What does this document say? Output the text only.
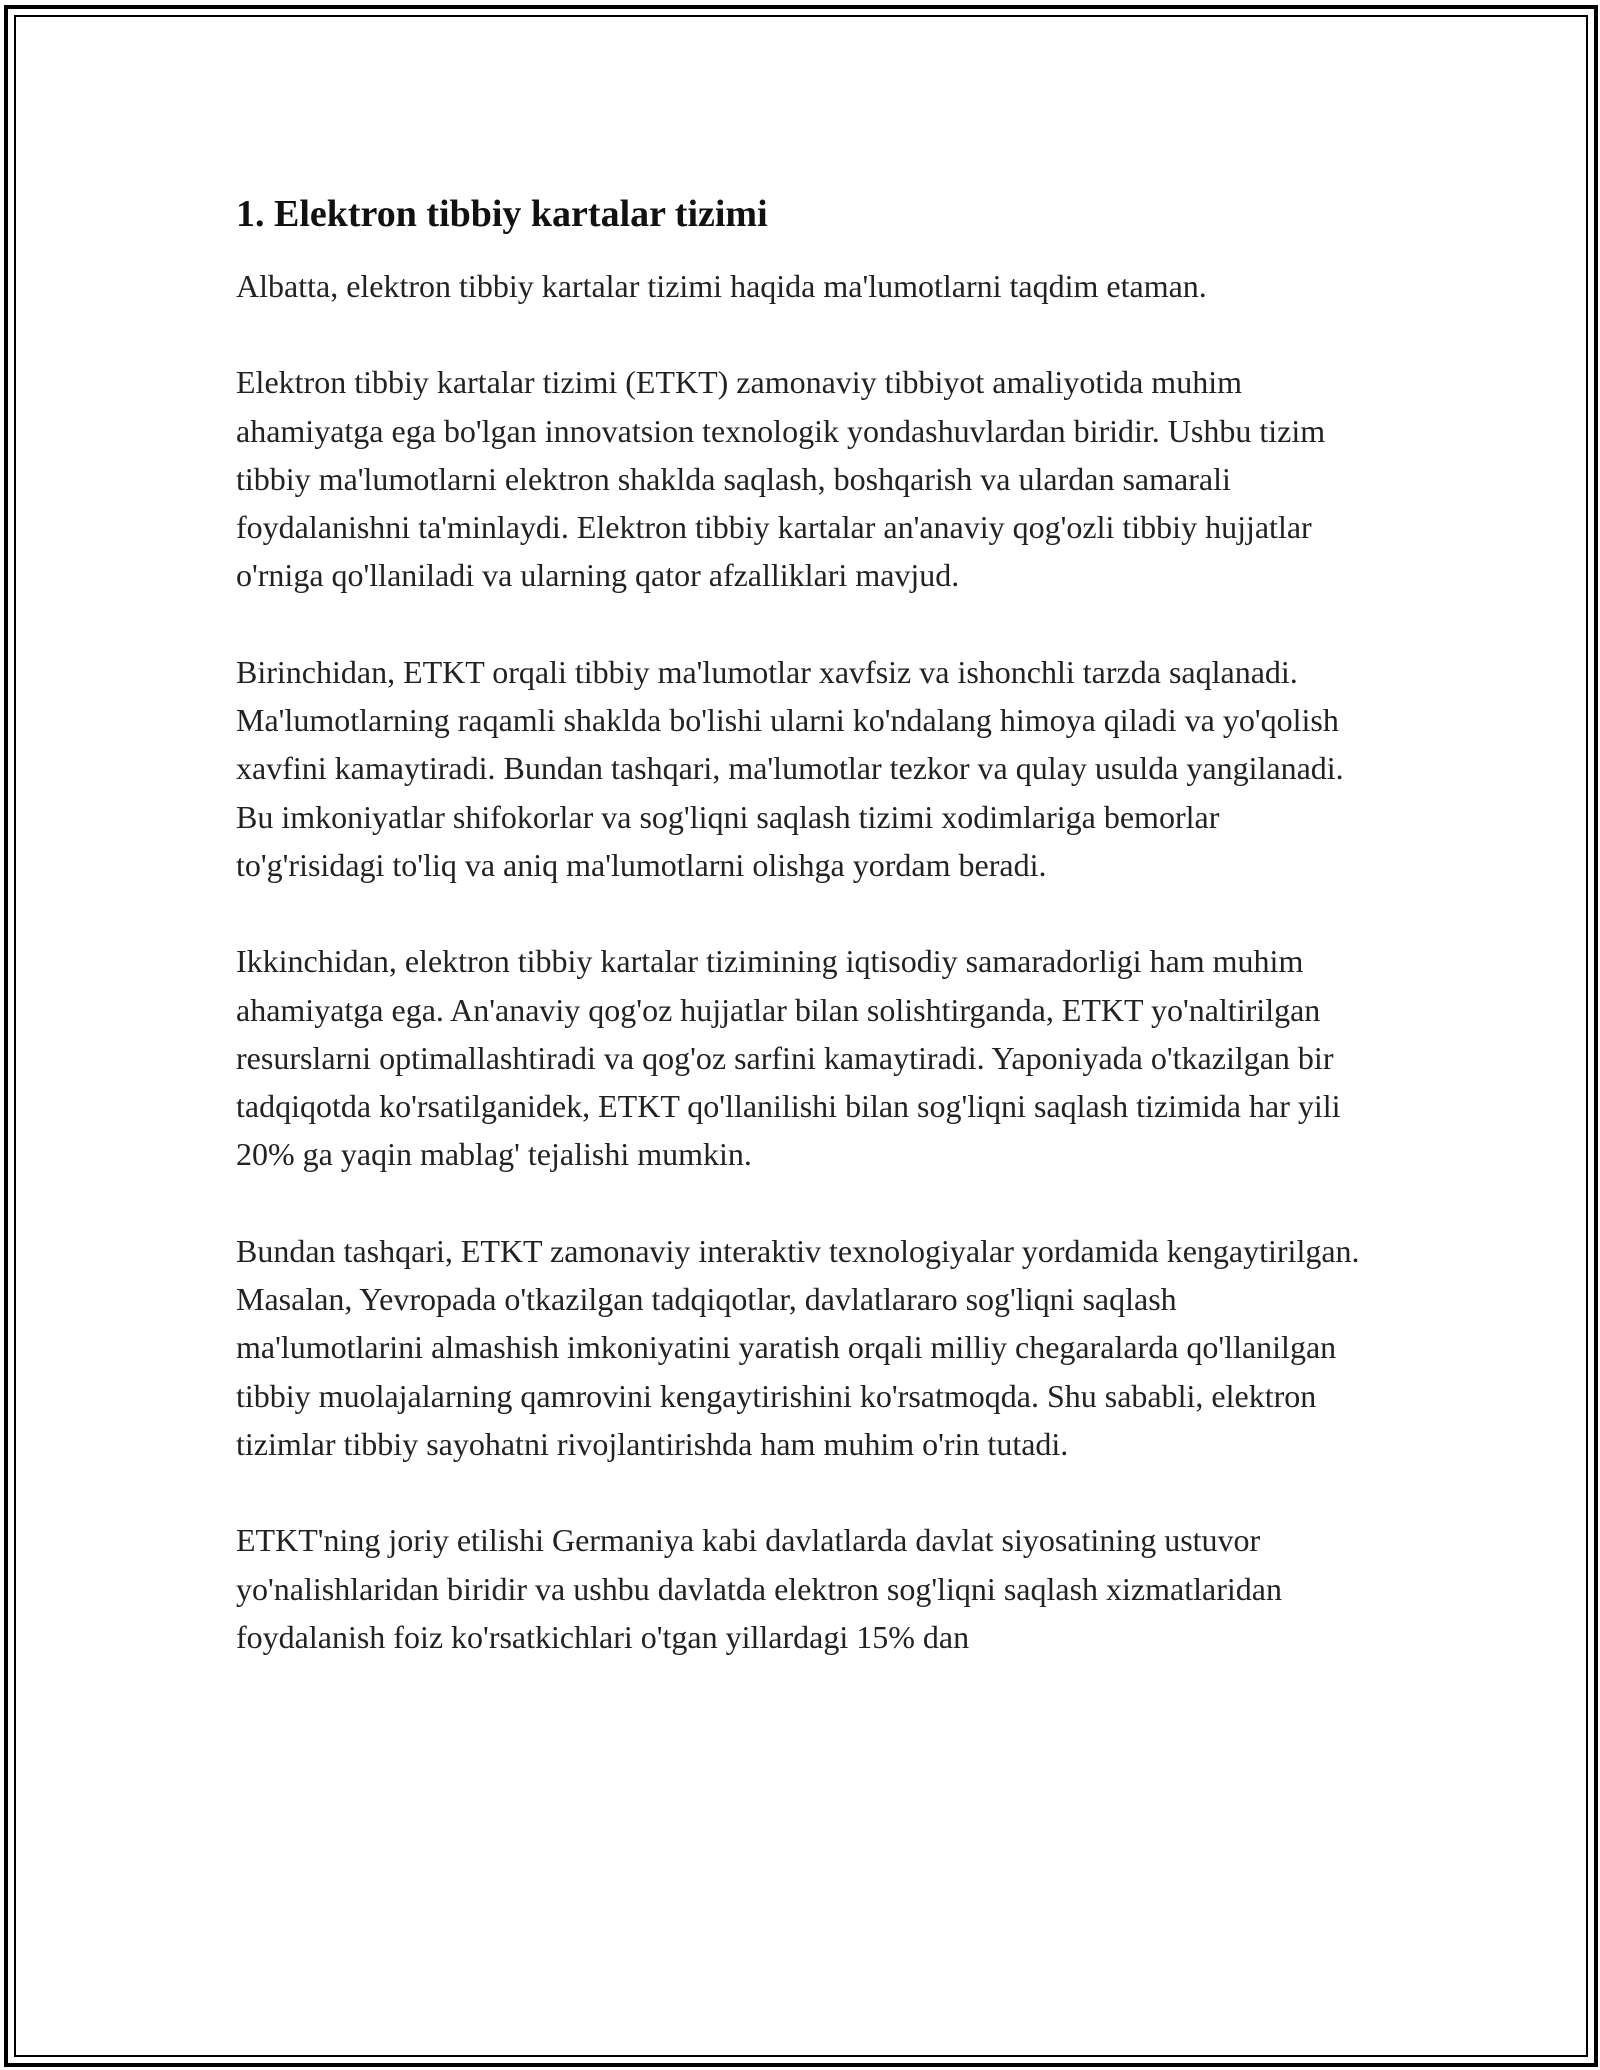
1. Elektron tibbiy kartalar tizimi

Albatta, elektron tibbiy kartalar tizimi haqida ma'lumotlarni taqdim etaman.

Elektron tibbiy kartalar tizimi (ETKT) zamonaviy tibbiyot amaliyotida muhim ahamiyatga ega bo'lgan innovatsion texnologik yondashuvlardan biridir. Ushbu tizim tibbiy ma'lumotlarni elektron shaklda saqlash, boshqarish va ulardan samarali foydalanishni ta'minlaydi. Elektron tibbiy kartalar an'anaviy qog'ozli tibbiy hujjatlar o'rniga qo'llaniladi va ularning qator afzalliklari mavjud.

Birinchidan, ETKT orqali tibbiy ma'lumotlar xavfsiz va ishonchli tarzda saqlanadi. Ma'lumotlarning raqamli shaklda bo'lishi ularni ko'ndalang himoya qiladi va yo'qolish xavfini kamaytiradi. Bundan tashqari, ma'lumotlar tezkor va qulay usulda yangilanadi. Bu imkoniyatlar shifokorlar va sog'liqni saqlash tizimi xodimlariga bemorlar to'g'risidagi to'liq va aniq ma'lumotlarni olishga yordam beradi.

Ikkinchidan, elektron tibbiy kartalar tizimining iqtisodiy samaradorligi ham muhim ahamiyatga ega. An'anaviy qog'oz hujjatlar bilan solishtirganda, ETKT yo'naltirilgan resurslarni optimallashtiradi va qog'oz sarfini kamaytiradi. Yaponiyada o'tkazilgan bir tadqiqotda ko'rsatilganidek, ETKT qo'llanilishi bilan sog'liqni saqlash tizimida har yili 20% ga yaqin mablag' tejalishi mumkin.

Bundan tashqari, ETKT zamonaviy interaktiv texnologiyalar yordamida kengaytirilgan. Masalan, Yevropada o'tkazilgan tadqiqotlar, davlatlararo sog'liqni saqlash ma'lumotlarini almashish imkoniyatini yaratish orqali milliy chegaralarda qo'llanilgan tibbiy muolajalarning qamrovini kengaytirishini ko'rsatmoqda. Shu sababli, elektron tizimlar tibbiy sayohatni rivojlantirishda ham muhim o'rin tutadi.

ETKT'ning joriy etilishi Germaniya kabi davlatlarda davlat siyosatining ustuvor yo'nalishlaridan biridir va ushbu davlatda elektron sog'liqni saqlash xizmatlaridan foydalanish foiz ko'rsatkichlari o'tgan yillardagi 15% dan
